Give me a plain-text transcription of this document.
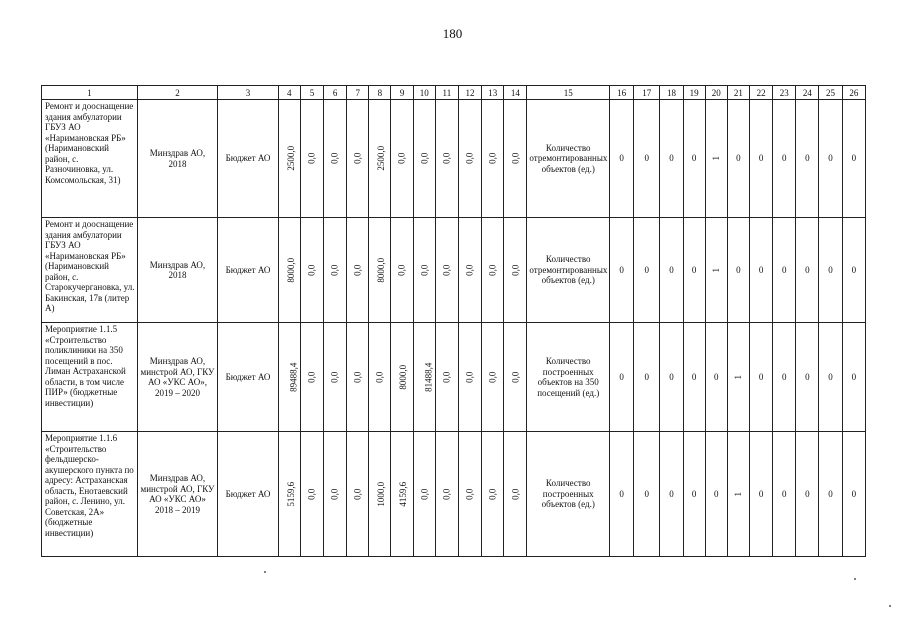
180
1	2	3	4	5	6	7	8	9	10	11	12	13	14	15	16	17	18	19	20	21	22	23	24	25	26
Ремонт и дооснащение здания амбулатории ГБУЗ АО «Наримановская РБ» (Наримановский район, с. Разночиновка, ул. Комсомольская, 31)	Минздрав АО, 2018	Бюджет АО	2500,0	0,0	0,0	0,0	2500,0	0,0	0,0	0,0	0,0	0,0	0,0	Количество отремонтированных объектов (ед.)	0	0	0	0	1	0	0	0	0	0	0
Ремонт и дооснащение здания амбулатории ГБУЗ АО «Наримановская РБ» (Наримановский район, с. Старокучергановка, ул. Бакинская, 17в (литер А)	Минздрав АО, 2018	Бюджет АО	8000,0	0,0	0,0	0,0	8000,0	0,0	0,0	0,0	0,0	0,0	0,0	Количество отремонтированных объектов (ед.)	0	0	0	0	1	0	0	0	0	0	0
Мероприятие 1.1.5 «Строительство поликлиники на 350 посещений в пос. Лиман Астраханской области, в том числе ПИР» (бюджетные инвестиции)	Минздрав АО, минстрой АО, ГКУ АО «УКС АО», 2019 – 2020	Бюджет АО	89488,4	0,0	0,0	0,0	0,0	8000,0	81488,4	0,0	0,0	0,0	0,0	Количество построенных объектов на 350 посещений (ед.)	0	0	0	0	0	1	0	0	0	0	0
Мероприятие 1.1.6 «Строительство фельдшерско-акушерского пункта по адресу: Астраханская область, Енотаевский район, с. Ленино, ул. Советская, 2А» (бюджетные инвестиции)	Минздрав АО, минстрой АО, ГКУ АО «УКС АО» 2018 – 2019	Бюджет АО	5159,6	0,0	0,0	0,0	1000,0	4159,6	0,0	0,0	0,0	0,0	0,0	Количество построенных объектов (ед.)	0	0	0	0	0	1	0	0	0	0	0
